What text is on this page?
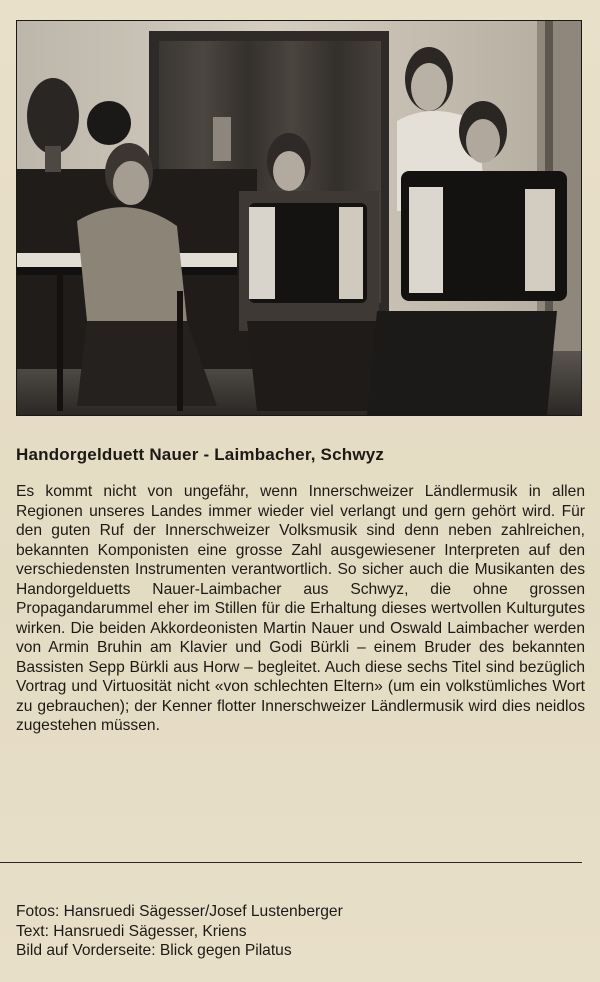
Handorgelduett Nauer - Laimbacher, Schwyz
Es kommt nicht von ungefähr, wenn Innerschweizer Ländlermusik in allen Regionen unseres Landes immer wieder viel verlangt und gern gehört wird. Für den guten Ruf der Innerschweizer Volksmusik sind denn neben zahlreichen, bekannten Komponisten eine grosse Zahl ausgewiesener Interpreten auf den verschiedensten Instrumenten verantwortlich. So sicher auch die Musikanten des Handorgelduetts Nauer-Laimbacher aus Schwyz, die ohne grossen Propagandarummel eher im Stillen für die Erhaltung dieses wertvollen Kulturgutes wirken. Die beiden Akkordeonisten Martin Nauer und Oswald Laimbacher werden von Armin Bruhin am Klavier und Godi Bürkli – einem Bruder des bekannten Bassisten Sepp Bürkli aus Horw – begleitet. Auch diese sechs Titel sind bezüglich Vortrag und Virtuosität nicht «von schlechten Eltern» (um ein volkstümliches Wort zu gebrauchen); der Kenner flotter Innerschweizer Ländlermusik wird dies neidlos zugestehen müssen.
Fotos: Hansruedi Sägesser/Josef Lustenberger
Text: Hansruedi Sägesser, Kriens
Bild auf Vorderseite: Blick gegen Pilatus
